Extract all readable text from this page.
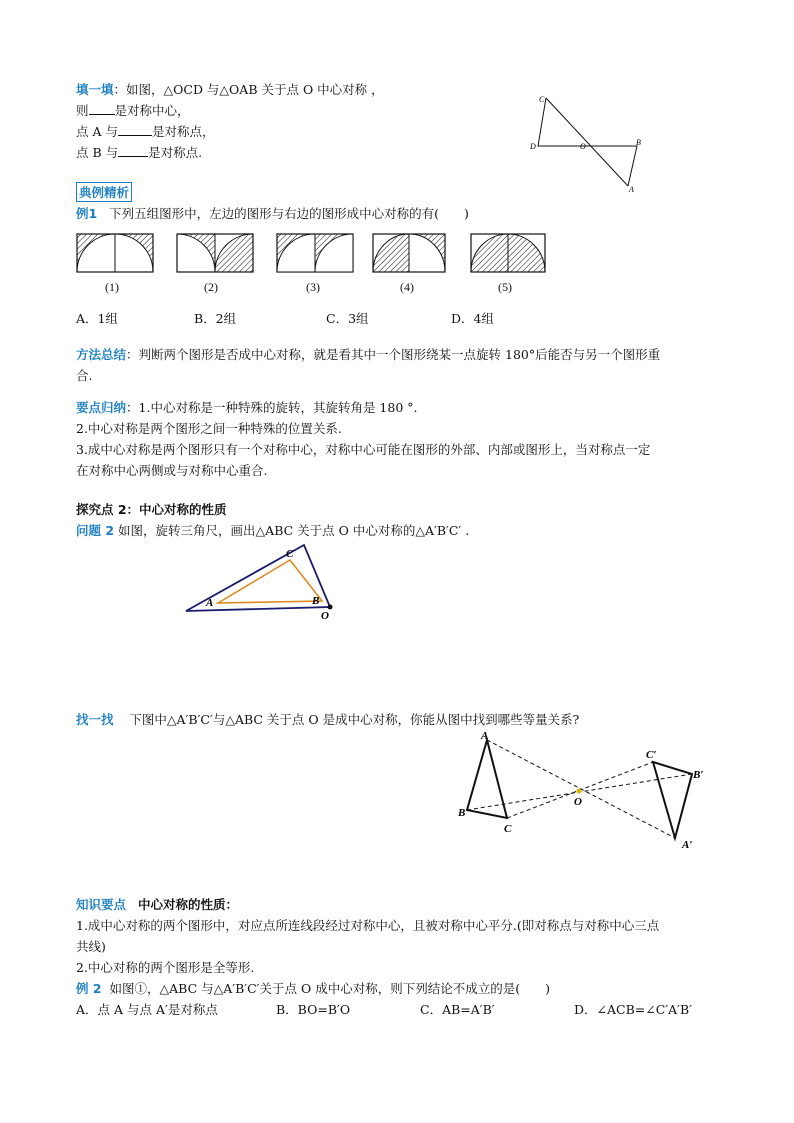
填一填：如图，△OCD 与△OAB 关于点 O 中心对称 ，
则 是对称中心，
点 A 与	是对称点，
点 B 与 是对称点.
C
D	O	B
A
典例精析
例1 下列五组图形中，左边的图形与右边的图形成中心对称的有(　　)
(1)	(2)	(3)	(4)	(5)
A．1组	B．2组	C．3组	D．4组
方法总结：判断两个图形是否成中心对称，就是看其中一个图形绕某一点旋转 180°后能否与另一个图形重
合.
要点归纳：1.中心对称是一种特殊的旋转，其旋转角是 180 °.
2.中心对称是两个图形之间一种特殊的位置关系.
3.成中心对称是两个图形只有一个对称中心，对称中心可能在图形的外部、内部或图形上，当对称点一定
在对称中心两侧或与对称中心重合.
探究点 2：中心对称的性质
问题 2 如图，旋转三角尺，画出△ABC 关于点 O 中心对称的△A′B′C′ .
A	B
C
O
找一找 下图中△A′B′C′与△ABC 关于点 O 是成中心对称，你能从图中找到哪些等量关系?
A
B
C
O
A′
B′
C′
知识要点 中心对称的性质：
1.成中心对称的两个图形中，对应点所连线段经过对称中心，且被对称中心平分.(即对称点与对称中心三点
共线)
2.中心对称的两个图形是全等形.
例 2 如图①，△ABC 与△A′B′C′关于点 O 成中心对称，则下列结论不成立的是(　　)
A．点 A 与点 A′是对称点	B．BO=B′O	C．AB=A′B′	D．∠ACB=∠C′A′B′
